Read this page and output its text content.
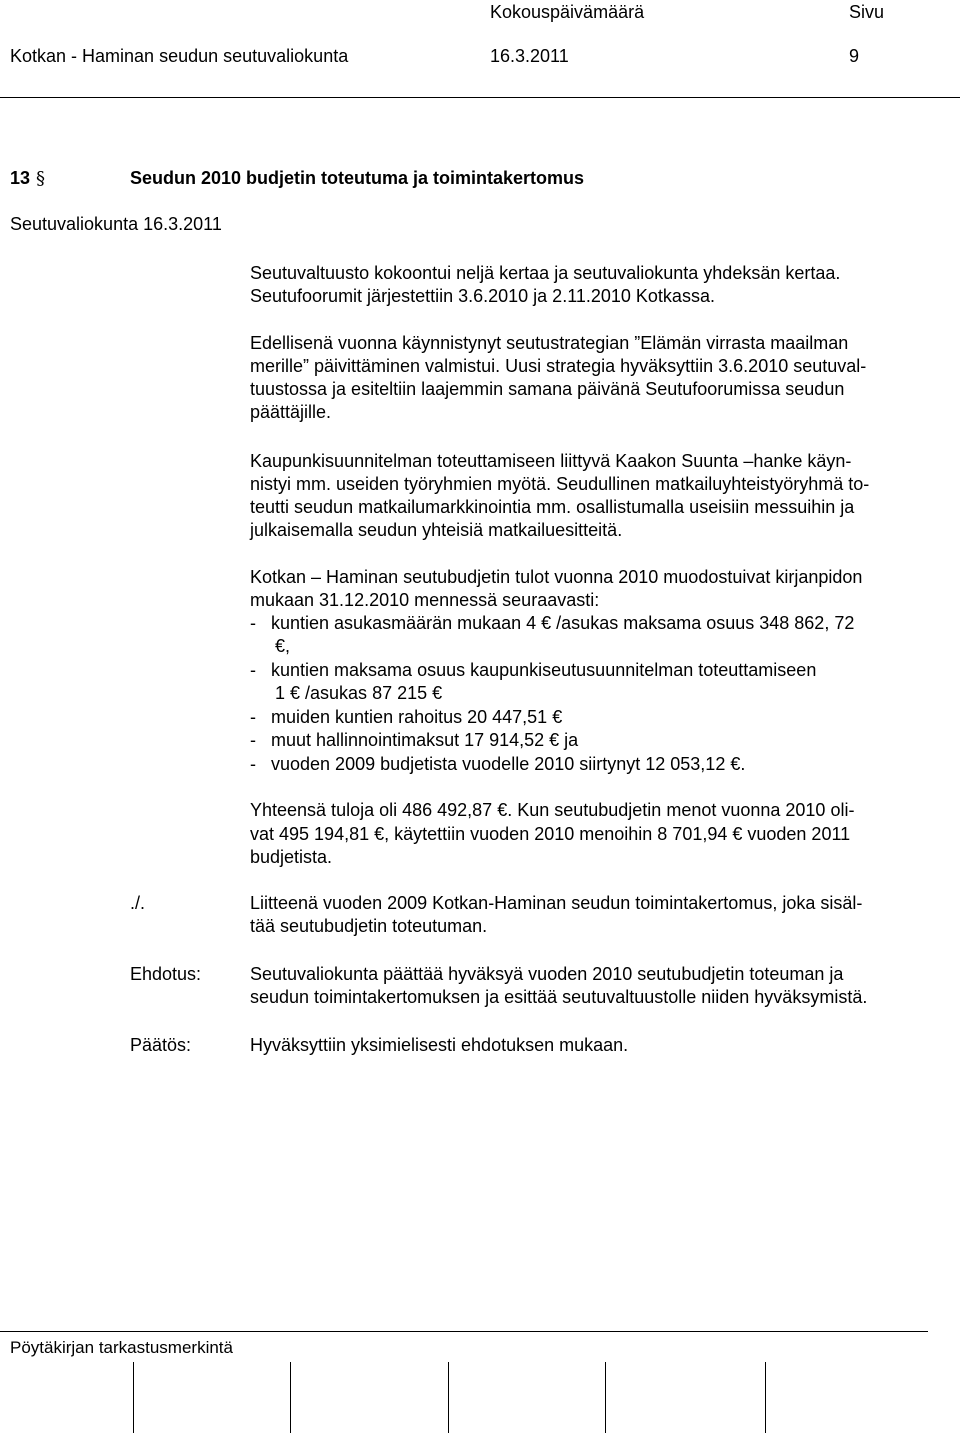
Kokouspäivämäärä	Sivu
Kotkan - Haminan seudun seutuvaliokunta	16.3.2011	9
13 §	Seudun 2010 budjetin toteutuma ja toimintakertomus
Seutuvaliokunta 16.3.2011
Seutuvaltuusto kokoontui neljä kertaa ja seutuvaliokunta yhdeksän kertaa.
Seutufoorumit järjestettiin 3.6.2010 ja 2.11.2010 Kotkassa.
Edellisenä vuonna käynnistynyt seutustrategian ”Elämän virrasta maailman
merille” päivittäminen valmistui. Uusi strategia hyväksyttiin 3.6.2010 seutuval-
tuustossa ja esiteltiin laajemmin samana päivänä Seutufoorumissa seudun
päättäjille.
Kaupunkisuunnitelman toteuttamiseen liittyvä Kaakon Suunta –hanke käyn-
nistyi mm. useiden työryhmien myötä. Seudullinen matkailuyhteistyöryhmä to-
teutti seudun matkailumarkkinointia mm. osallistumalla useisiin messuihin ja
julkaisemalla seudun yhteisiä matkailuesitteitä.
Kotkan – Haminan seutubudjetin tulot vuonna 2010 muodostuivat kirjanpidon
mukaan 31.12.2010 mennessä seuraavasti:
-   kuntien asukasmäärän mukaan 4 € /asukas maksama osuus 348 862, 72
€,
-   kuntien maksama osuus kaupunkiseutusuunnitelman toteuttamiseen
1 € /asukas 87 215 €
-   muiden kuntien rahoitus 20 447,51 €
-   muut hallinnointimaksut 17 914,52 € ja
-   vuoden 2009 budjetista vuodelle 2010 siirtynyt 12 053,12 €.
Yhteensä tuloja oli 486 492,87 €. Kun seutubudjetin menot vuonna 2010 oli-
vat 495 194,81 €, käytettiin vuoden 2010 menoihin 8 701,94 € vuoden 2011
budjetista.
./.	Liitteenä vuoden 2009 Kotkan-Haminan seudun toimintakertomus, joka sisäl-
tää seutubudjetin toteutuman.
Ehdotus:	Seutuvaliokunta päättää hyväksyä vuoden 2010 seutubudjetin toteuman ja
seudun toimintakertomuksen ja esittää seutuvaltuustolle niiden hyväksymistä.
Päätös:	Hyväksyttiin yksimielisesti ehdotuksen mukaan.
Pöytäkirjan tarkastusmerkintä
